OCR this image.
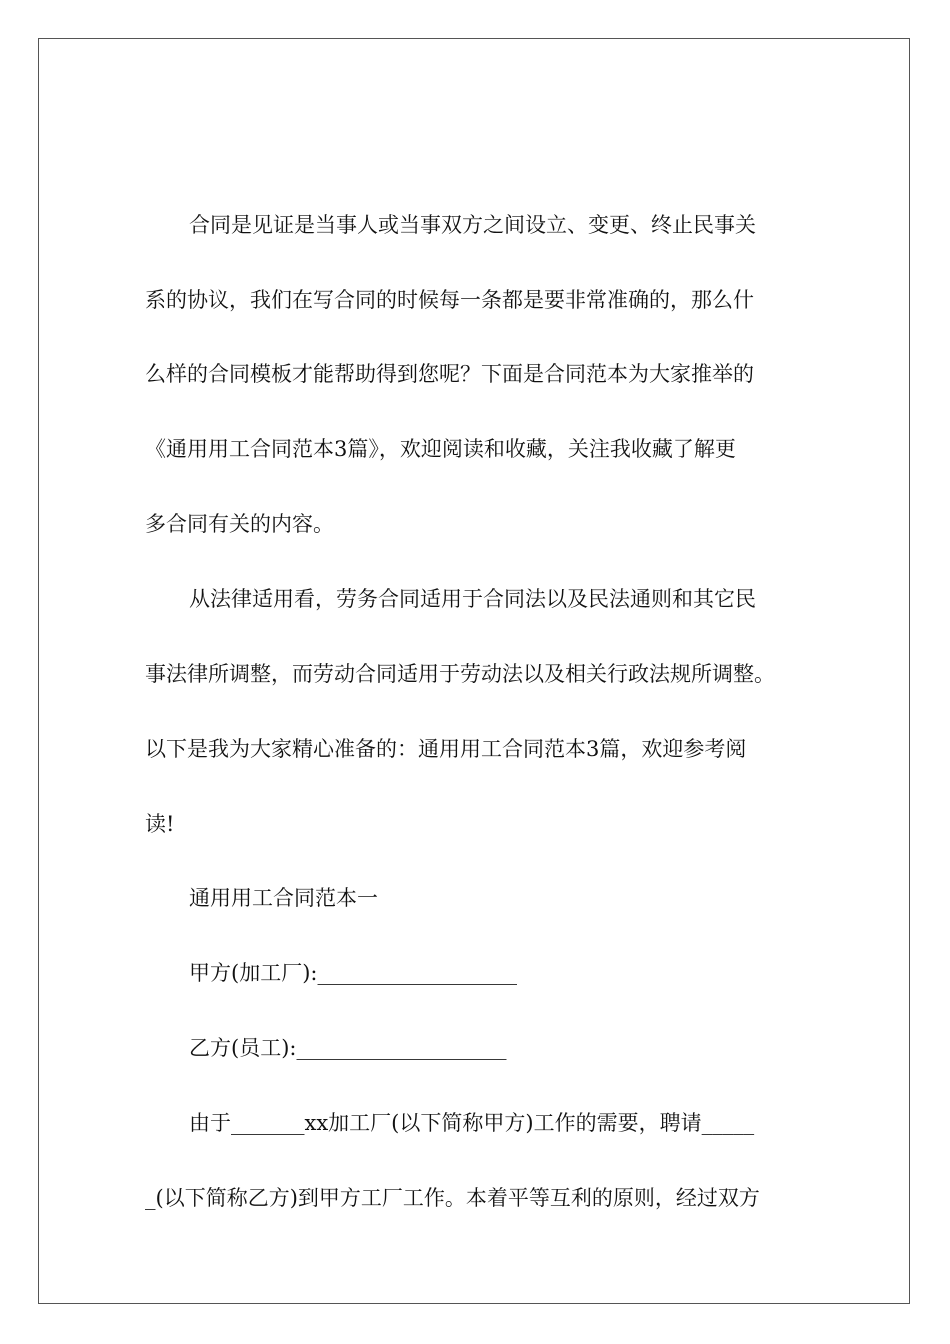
合同是见证是当事人或当事双方之间设立、变更、终止民事关
系的协议，我们在写合同的时候每一条都是要非常准确的，那么什
么样的合同模板才能帮助得到您呢？下面是合同范本为大家推举的
《通用用工合同范本3篇》，欢迎阅读和收藏，关注我收藏了解更
多合同有关的内容。
从法律适用看，劳务合同适用于合同法以及民法通则和其它民
事法律所调整，而劳动合同适用于劳动法以及相关行政法规所调整。
以下是我为大家精心准备的：通用用工合同范本3篇，欢迎参考阅
读!
通用用工合同范本一
甲方(加工厂):___________________
乙方(员工):____________________
由于_______xx加工厂(以下简称甲方)工作的需要，聘请_____
_(以下简称乙方)到甲方工厂工作。本着平等互利的原则，经过双方
